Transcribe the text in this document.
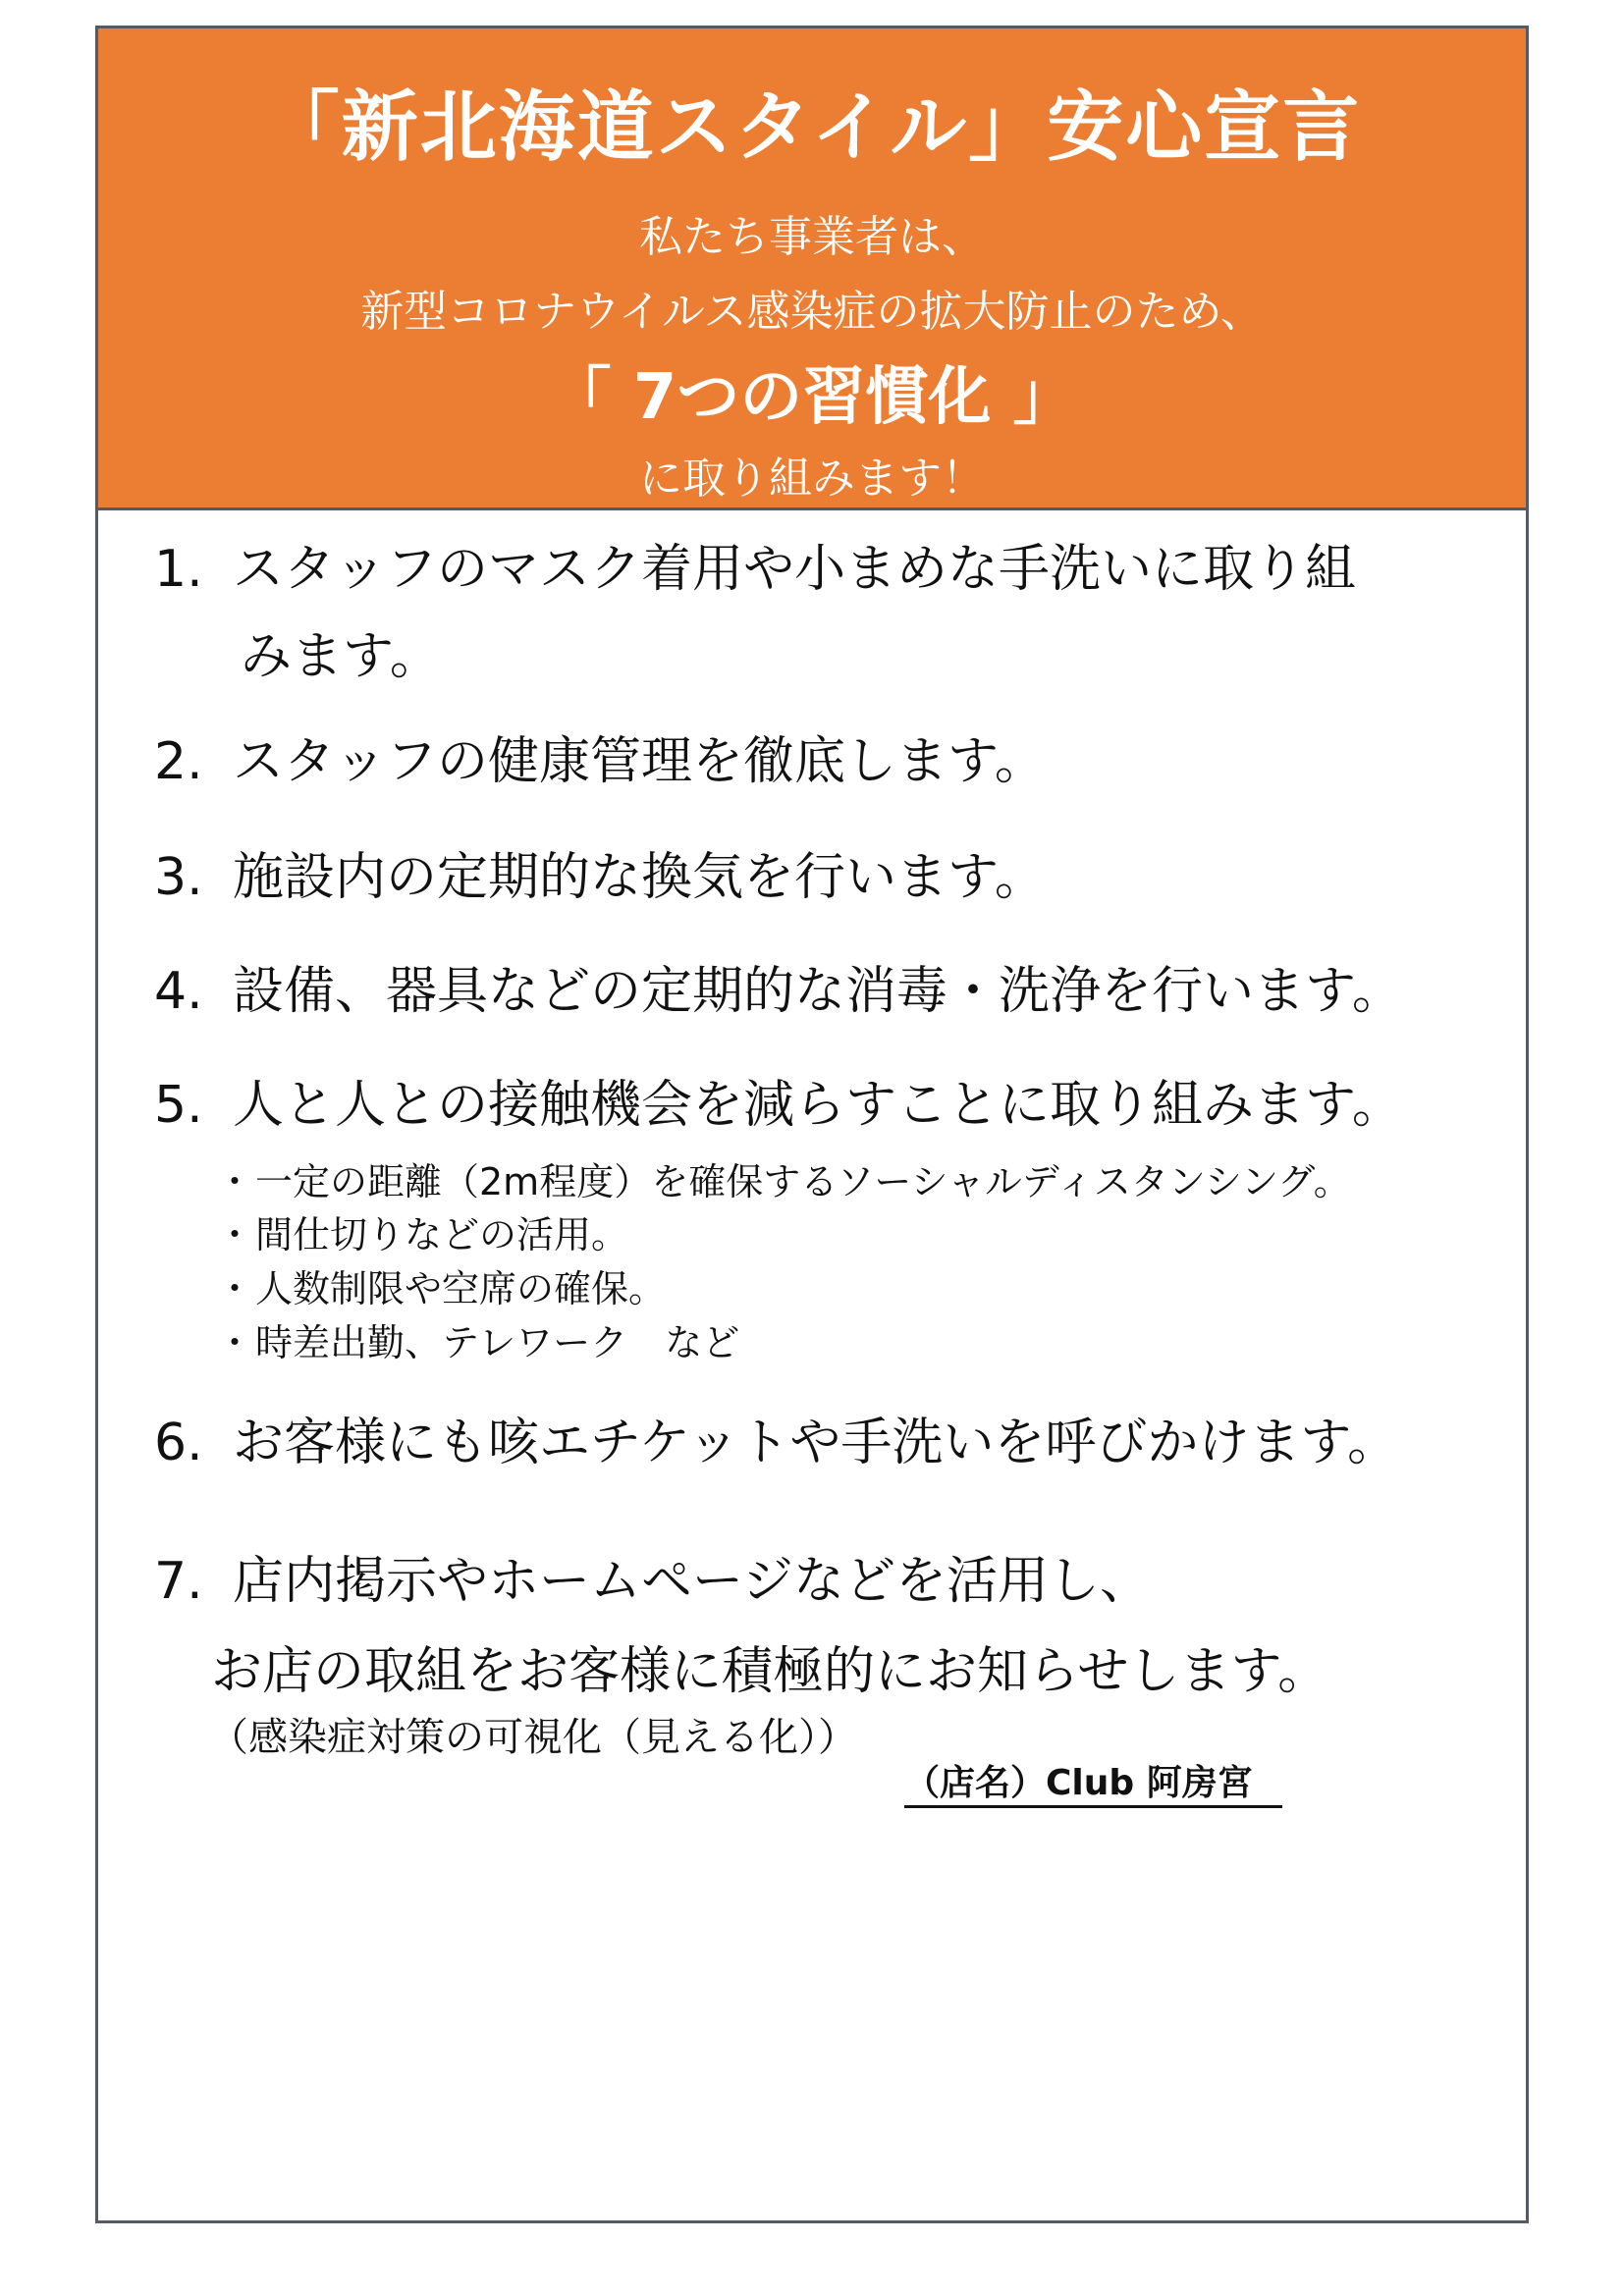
「新北海道スタイル」安心宣言
私たち事業者は、
新型コロナウイルス感染症の拡大防止のため、
「 7つの習慣化 」
に取り組みます！
1. スタッフのマスク着用や小まめな手洗いに取り組
みます。
2. スタッフの健康管理を徹底します。
3. 施設内の定期的な換気を行います。
4. 設備、器具などの定期的な消毒・洗浄を行います。
5. 人と人との接触機会を減らすことに取り組みます。
・一定の距離（2m程度）を確保するソーシャルディスタンシング。
・間仕切りなどの活用。
・人数制限や空席の確保。
・時差出勤、テレワーク　など
6. お客様にも咳エチケットや手洗いを呼びかけます。
7. 店内掲示やホームページなどを活用し、
お店の取組をお客様に積極的にお知らせします。
（感染症対策の可視化（見える化））
（店名）Club 阿房宮
